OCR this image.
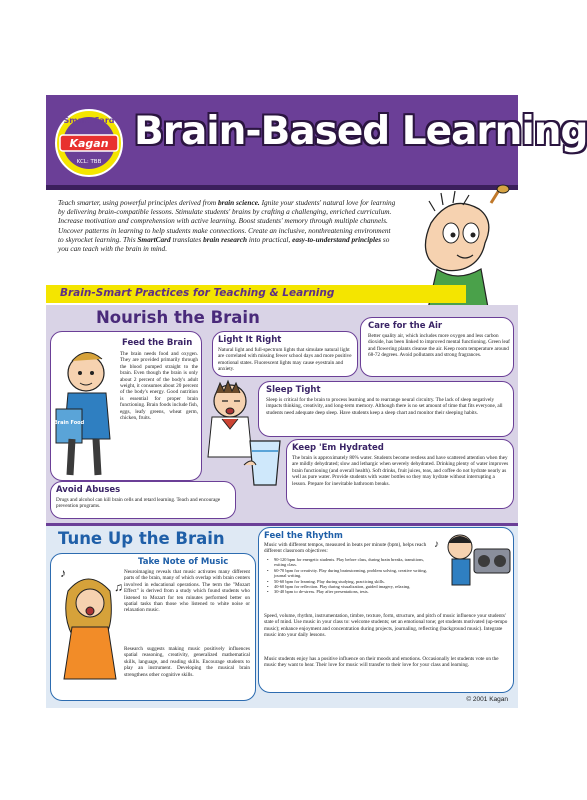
Smart Card
Kagan
KCL: TBB
Brain-Based Learning
Teach smarter, using powerful principles derived from brain science. Ignite your students' natural love for learning by delivering brain-compatible lessons. Stimulate students' brains by crafting a challenging, enriched curriculum. Increase motivation and comprehension with active learning. Boost students' memory through multiple channels. Uncover patterns in learning to help students make connections. Create an inclusive, nonthreatening environment to skyrocket learning. This SmartCard translates brain research into practical, easy-to-understand principles so you can teach with the brain in mind.
Brain-Smart Practices for Teaching & Learning
Nourish the Brain
Feed the Brain
The brain needs food and oxygen. They are provided primarily through the blood pumped straight to the brain. Even though the brain is only about 2 percent of the body's adult weight, it consumes about 20 percent of the body's energy. Good nutrition is essential for proper brain functioning. Brain foods include fish, eggs, leafy greens, wheat germ, chicken, fruits.
Brain Food
Light It Right
Natural light and full-spectrum lights that simulate natural light are correlated with missing fewer school days and more positive emotional states. Fluorescent lights may cause eyestrain and anxiety.
Care for the Air
Better quality air, which includes more oxygen and less carbon dioxide, has been linked to improved mental functioning. Green leaf and flowering plants cleanse the air. Keep room temperature around 68-72 degrees. Avoid pollutants and strong fragrances.
Sleep Tight
Sleep is critical for the brain to process learning and to rearrange neural circuitry. The lack of sleep negatively impacts thinking, creativity, and long-term memory. Although there is no set amount of time that fits everyone, all students need adequate deep sleep. Have students keep a sleep chart and monitor their sleeping habits.
Keep 'Em Hydrated
The brain is approximately 80% water. Students become restless and have scattered attention when they are mildly dehydrated; slow and lethargic when severely dehydrated. Drinking plenty of water improves brain functioning (and overall health). Soft drinks, fruit juices, teas, and coffee do not hydrate nearly as well as pure water. Provide students with water bottles so they may hydrate without interrupting a lesson. Prepare for inevitable bathroom breaks.
Avoid Abuses
Drugs and alcohol can kill brain cells and retard learning. Teach and encourage prevention programs.
Tune Up the Brain
Take Note of Music
♪
♫
Neuroimaging reveals that music activates many different parts of the brain, many of which overlap with brain centers involved in educational operations. The term the "Mozart Effect" is derived from a study which found students who listened to Mozart for ten minutes performed better on spatial tasks than those who listened to white noise or relaxation music.
Research suggests making music positively influences spatial reasoning, creativity, generalized mathematical skills, language, and reading skills. Encourage students to play an instrument. Developing the musical brain strengthens other cognitive skills.
Feel the Rhythm
♪
Music with different tempos, measured in beats per minute (bpm), helps reach different classroom objectives:
• 90-120 bpm for energetic students. Play before class, during brain breaks, transitions, exiting class.
• 60-70 bpm for creativity. Play during brainstorming, problem solving, creative writing, journal writing.
• 50-60 bpm for learning. Play during studying, practicing skills.
• 40-60 bpm for reflection. Play during visualization, guided imagery, relaxing.
• 30-40 bpm to de-stress. Play after presentations, tests.
Speed, volume, rhythm, instrumentation, timbre, texture, form, structure, and pitch of music influence your students' state of mind. Use music in your class to: welcome students; set an emotional tone; get students motivated (up-tempo music); enhance enjoyment and concentration during projects, journaling, reflecting (background music). Integrate music into your daily lessons.
Music students enjoy has a positive influence on their moods and emotions. Occasionally let students vote on the music they want to hear. Their love for music will transfer to their love for your class and learning.
© 2001 Kagan
